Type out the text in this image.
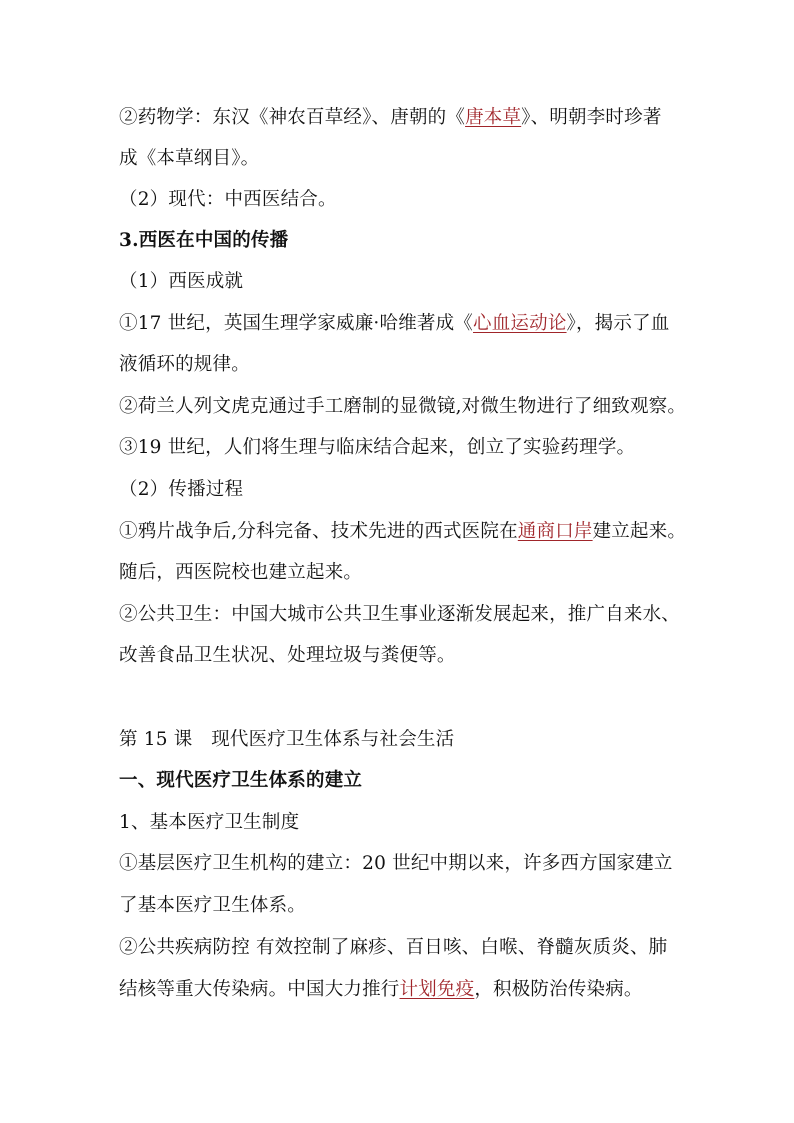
②药物学：东汉《神农百草经》、唐朝的《唐本草》、明朝李时珍著
成《本草纲目》。
（2）现代：中西医结合。
3.西医在中国的传播
（1）西医成就
①17 世纪，英国生理学家威廉·哈维著成《心血运动论》，揭示了血
液循环的规律。
②荷兰人列文虎克通过手工磨制的显微镜,对微生物进行了细致观察。
③19 世纪，人们将生理与临床结合起来，创立了实验药理学。
（2）传播过程
①鸦片战争后,分科完备、技术先进的西式医院在通商口岸建立起来。
随后，西医院校也建立起来。
②公共卫生：中国大城市公共卫生事业逐渐发展起来，推广自来水、
改善食品卫生状况、处理垃圾与粪便等。
第 15 课　现代医疗卫生体系与社会生活
一、现代医疗卫生体系的建立
1、基本医疗卫生制度
①基层医疗卫生机构的建立：20 世纪中期以来，许多西方国家建立
了基本医疗卫生体系。
②公共疾病防控 有效控制了麻疹、百日咳、白喉、脊髓灰质炎、肺
结核等重大传染病。中国大力推行计划免疫，积极防治传染病。
